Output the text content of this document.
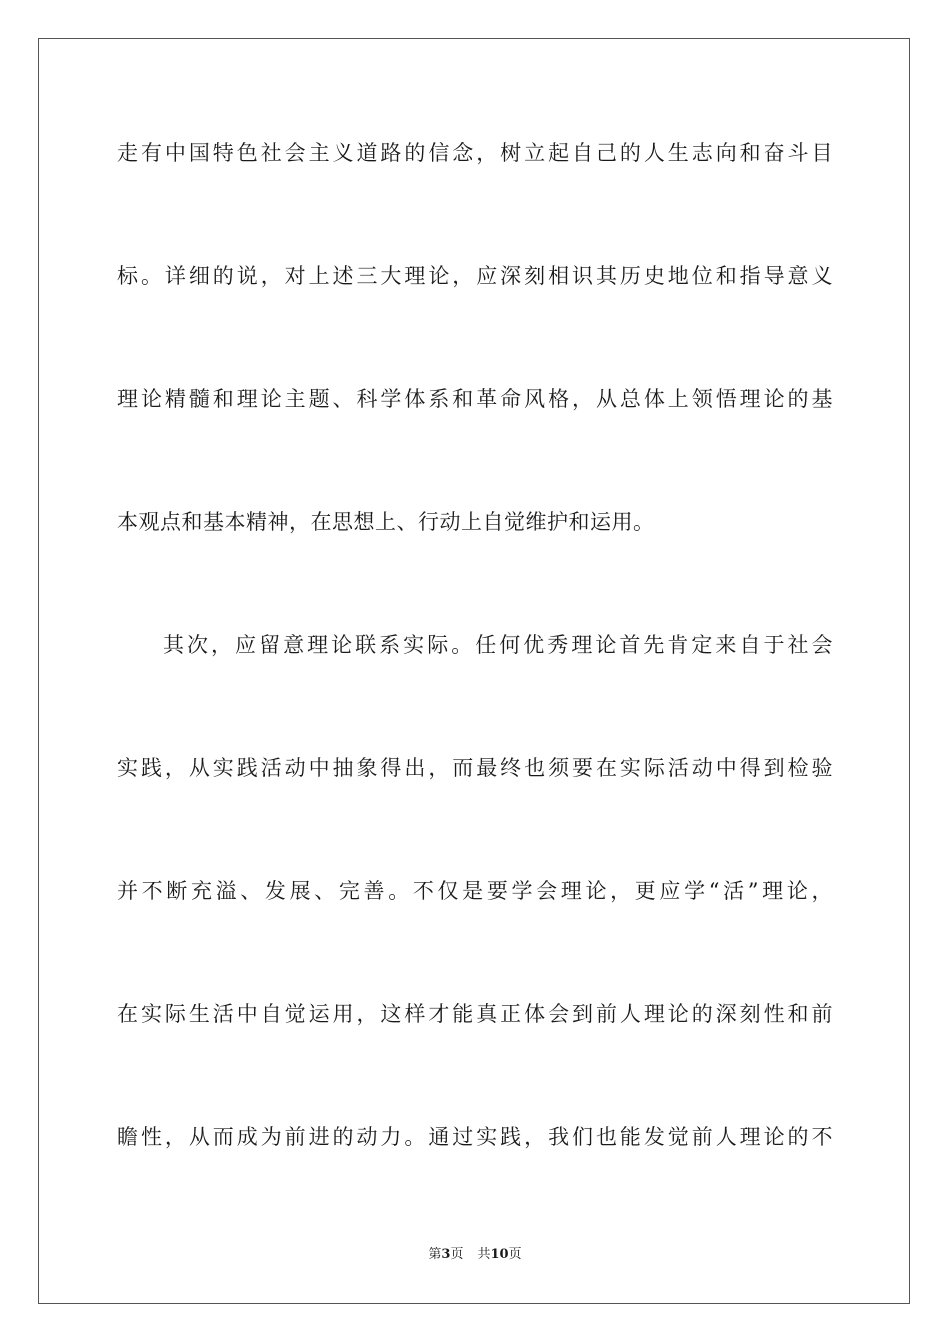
走有中国特色社会主义道路的信念，树立起自己的人生志向和奋斗目

标。详细的说，对上述三大理论，应深刻相识其历史地位和指导意义

理论精髓和理论主题、科学体系和革命风格，从总体上领悟理论的基

本观点和基本精神，在思想上、行动上自觉维护和运用。

其次，应留意理论联系实际。任何优秀理论首先肯定来自于社会

实践，从实践活动中抽象得出，而最终也须要在实际活动中得到检验

并不断充溢、发展、完善。不仅是要学会理论，更应学“活”理论，

在实际生活中自觉运用，这样才能真正体会到前人理论的深刻性和前

瞻性，从而成为前进的动力。通过实践，我们也能发觉前人理论的不

第3页 共10页
